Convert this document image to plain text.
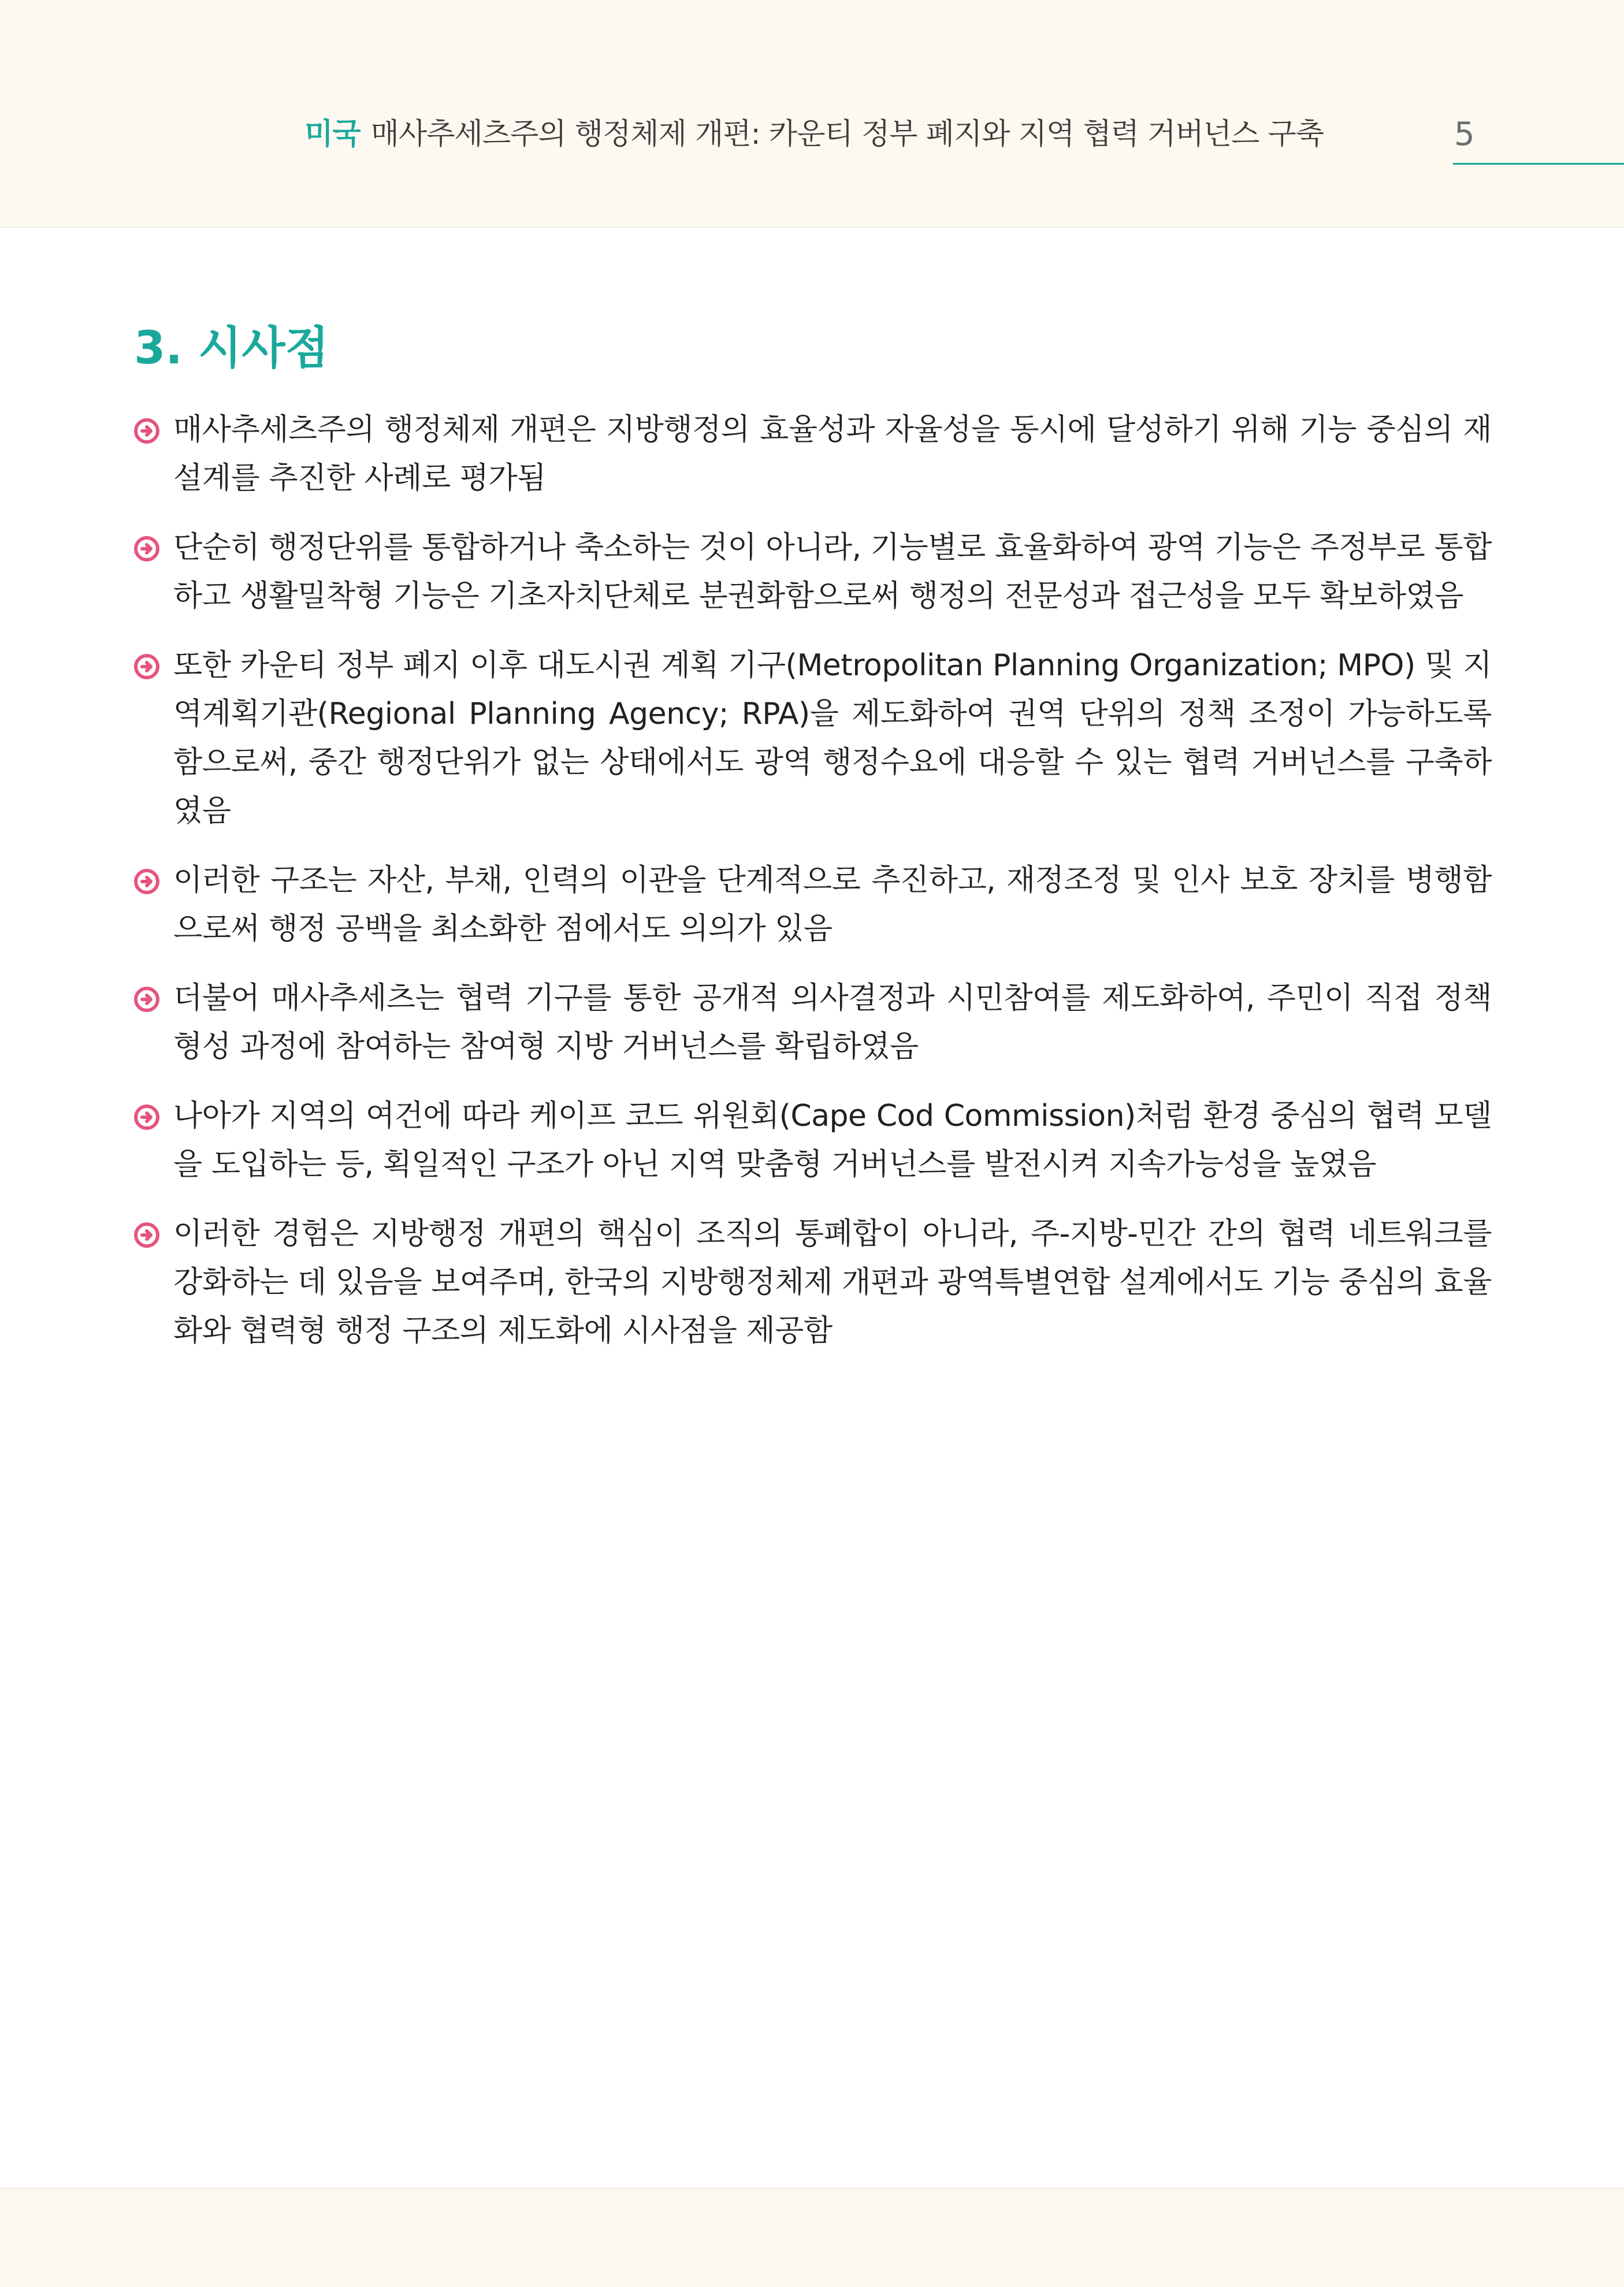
미국 매사추세츠주의 행정체제 개편: 카운티 정부 폐지와 지역 협력 거버넌스 구축	5
3. 시사점
매사추세츠주의 행정체제 개편은 지방행정의 효율성과 자율성을 동시에 달성하기 위해 기능 중심의 재설계를 추진한 사례로 평가됨
단순히 행정단위를 통합하거나 축소하는 것이 아니라, 기능별로 효율화하여 광역 기능은 주정부로 통합하고 생활밀착형 기능은 기초자치단체로 분권화함으로써 행정의 전문성과 접근성을 모두 확보하였음
또한 카운티 정부 폐지 이후 대도시권 계획 기구(Metropolitan Planning Organization; MPO) 및 지역계획기관(Regional Planning Agency; RPA)을 제도화하여 권역 단위의 정책 조정이 가능하도록 함으로써, 중간 행정단위가 없는 상태에서도 광역 행정수요에 대응할 수 있는 협력 거버넌스를 구축하였음
이러한 구조는 자산, 부채, 인력의 이관을 단계적으로 추진하고, 재정조정 및 인사 보호 장치를 병행함으로써 행정 공백을 최소화한 점에서도 의의가 있음
더불어 매사추세츠는 협력 기구를 통한 공개적 의사결정과 시민참여를 제도화하여, 주민이 직접 정책 형성 과정에 참여하는 참여형 지방 거버넌스를 확립하였음
나아가 지역의 여건에 따라 케이프 코드 위원회(Cape Cod Commission)처럼 환경 중심의 협력 모델을 도입하는 등, 획일적인 구조가 아닌 지역 맞춤형 거버넌스를 발전시켜 지속가능성을 높였음
이러한 경험은 지방행정 개편의 핵심이 조직의 통폐합이 아니라, 주-지방-민간 간의 협력 네트워크를 강화하는 데 있음을 보여주며, 한국의 지방행정체제 개편과 광역특별연합 설계에서도 기능 중심의 효율화와 협력형 행정 구조의 제도화에 시사점을 제공함
